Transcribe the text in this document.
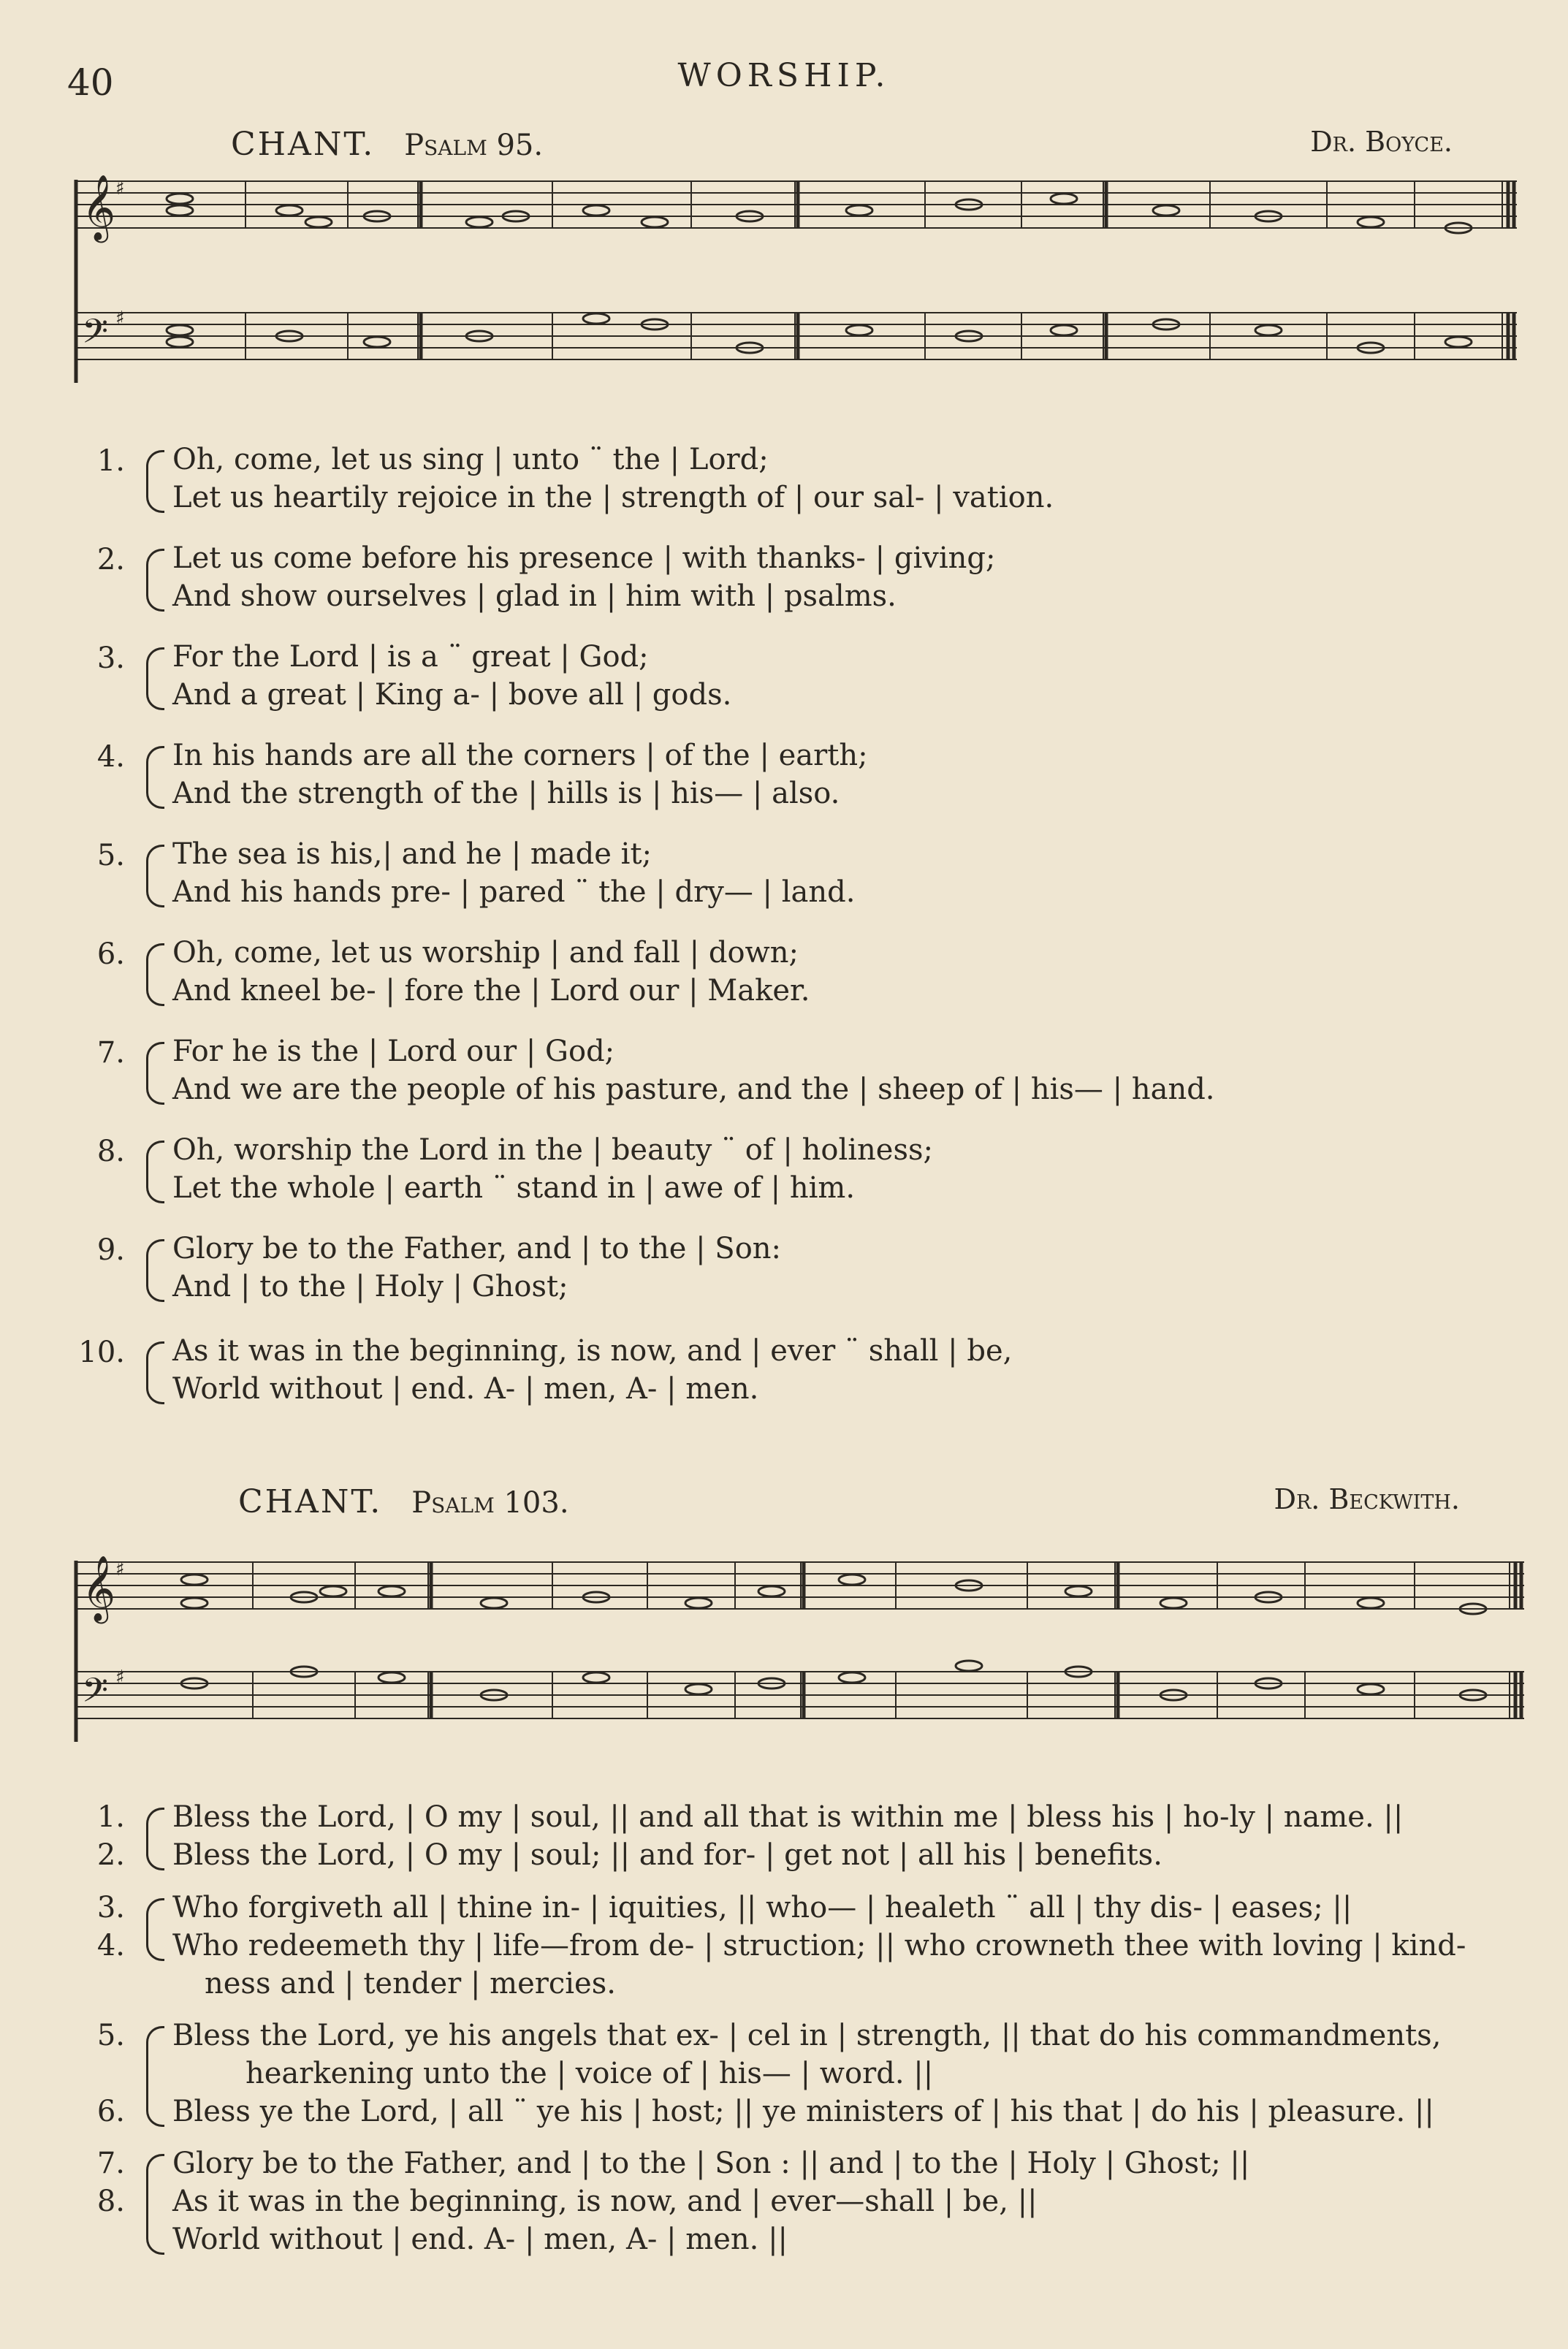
40	WORSHIP.
CHANT. Psalm 95.	Dr. Boyce.
𝄞
𝄢
♯
♯
1. Oh, come, let us sing | unto ¨ the | Lord;
Let us heartily rejoice in the | strength of | our sal- | vation.
2. Let us come before his presence | with thanks- | giving;
And show ourselves | glad in | him with | psalms.
3. For the Lord | is a ¨ great | God;
And a great | King a- | bove all | gods.
4. In his hands are all the corners | of the | earth;
And the strength of the | hills is | his— | also.
5. The sea is his,| and he | made it;
And his hands pre- | pared ¨ the | dry— | land.
6. Oh, come, let us worship | and fall | down;
And kneel be- | fore the | Lord our | Maker.
7. For he is the | Lord our | God;
And we are the people of his pasture, and the | sheep of | his— | hand.
8. Oh, worship the Lord in the | beauty ¨ of | holiness;
Let the whole | earth ¨ stand in | awe of | him.
9. Glory be to the Father, and | to the | Son:
And | to the | Holy | Ghost;
10. As it was in the beginning, is now, and | ever ¨ shall | be,
World without | end. A- | men, A- | men.
CHANT. Psalm 103.	Dr. Beckwith.
𝄞
𝄢
♯
♯
1.
2.
Bless the Lord, | O my | soul, || and all that is within me | bless his | ho-ly | name. ||
Bless the Lord, | O my | soul; || and for- | get not | all his | benefits.
3.
4.
Who forgiveth all | thine in- | iquities, || who— | healeth ¨ all | thy dis- | eases; ||
Who redeemeth thy | life—from de- | struction; || who crowneth thee with loving | kind-
ness and | tender | mercies.
5.
6.
Bless the Lord, ye his angels that ex- | cel in | strength, || that do his commandments,
hearkening unto the | voice of | his— | word. ||
Bless ye the Lord, | all ¨ ye his | host; || ye ministers of | his that | do his | pleasure. ||
7.
8.
Glory be to the Father, and | to the | Son : || and | to the | Holy | Ghost; ||
As it was in the beginning, is now, and | ever—shall | be, ||
World without | end. A- | men, A- | men. ||
